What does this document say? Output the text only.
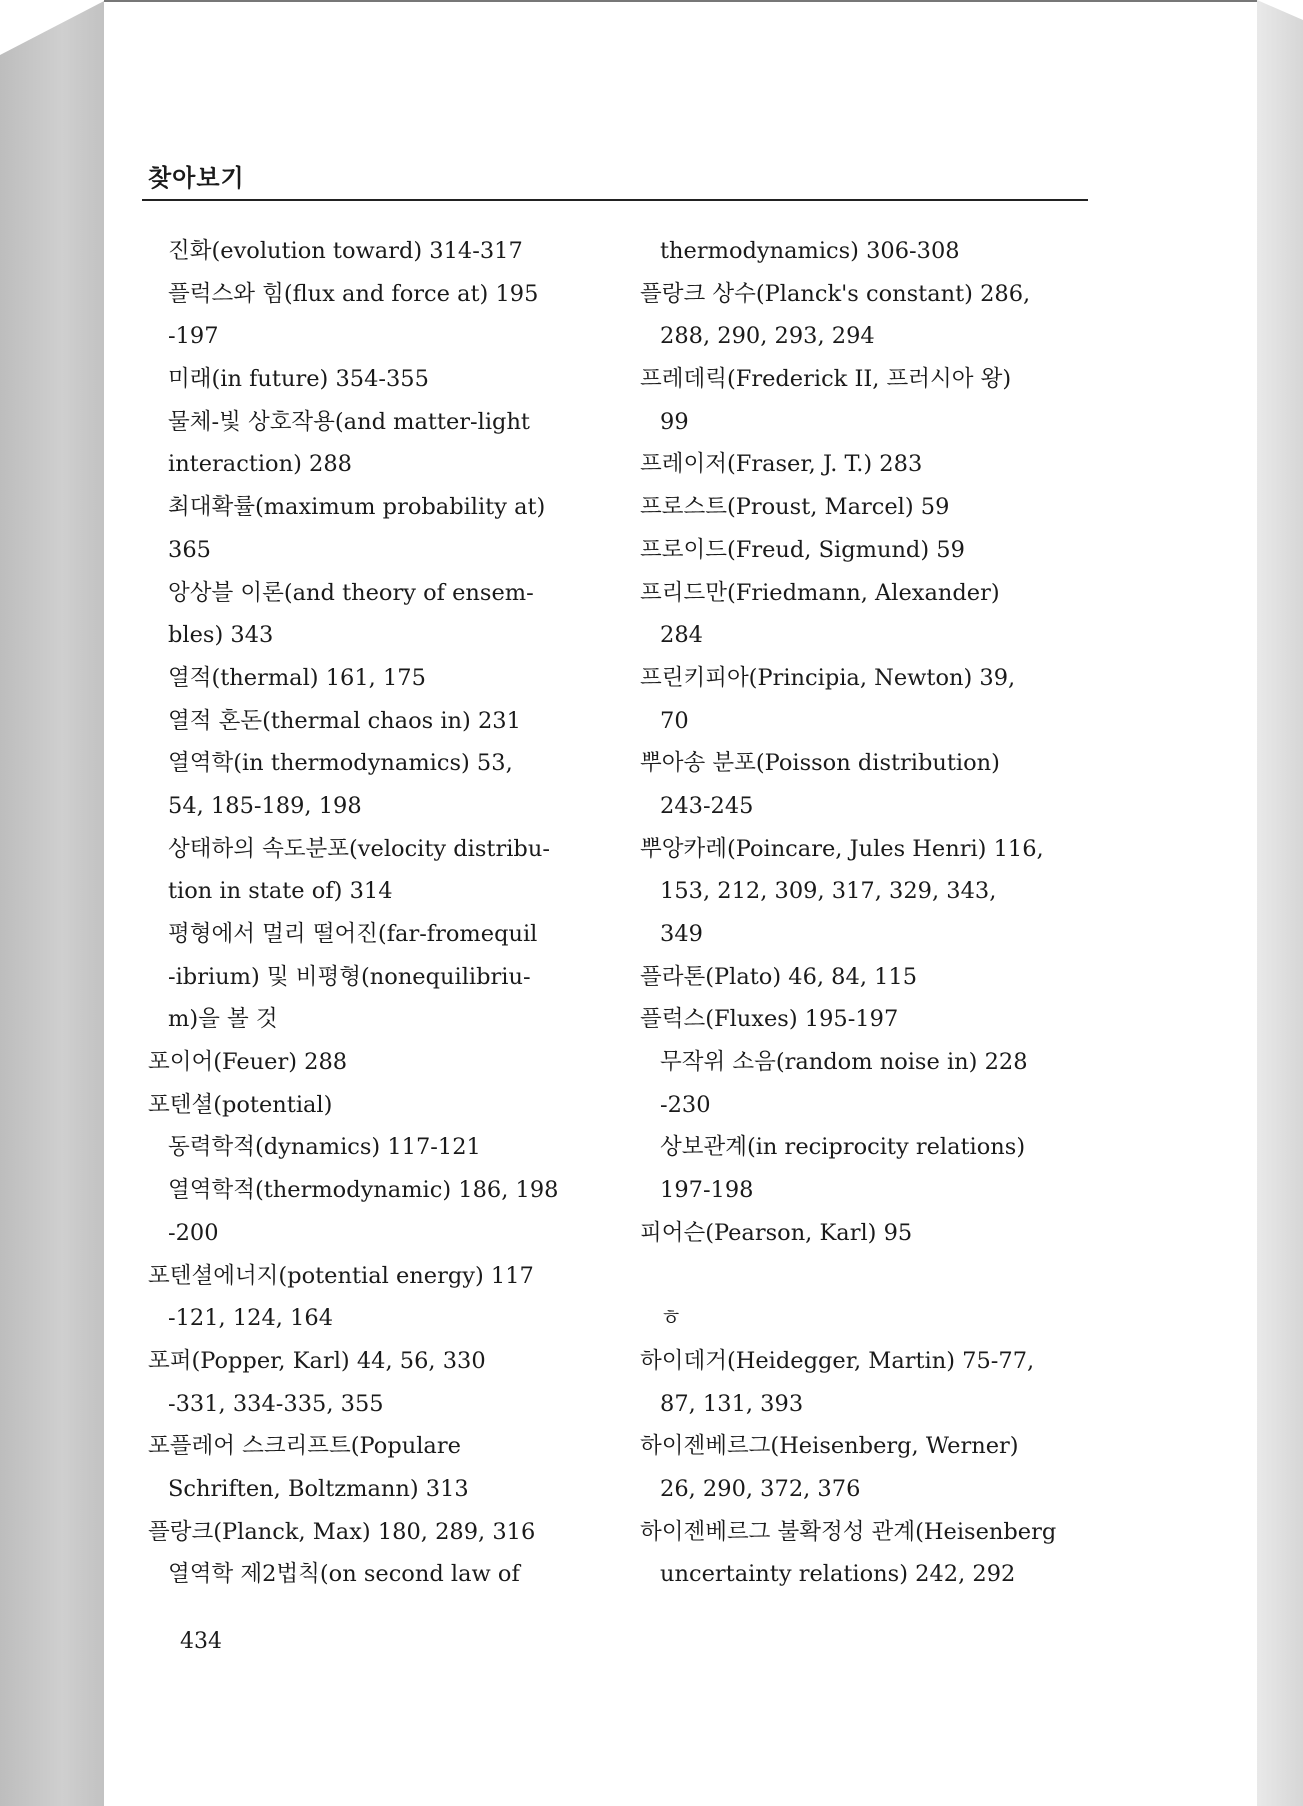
찾아보기
진화(evolution toward) 314-317
플럭스와 힘(flux and force at) 195
-197
미래(in future) 354-355
물체-빛 상호작용(and matter-light
interaction) 288
최대확률(maximum probability at)
365
앙상블 이론(and theory of ensem-
bles) 343
열적(thermal) 161, 175
열적 혼돈(thermal chaos in) 231
열역학(in thermodynamics) 53,
54, 185-189, 198
상태하의 속도분포(velocity distribu-
tion in state of) 314
평형에서 멀리 떨어진(far-fromequil
-ibrium) 및 비평형(nonequilibriu-
m)을 볼 것
포이어(Feuer) 288
포텐셜(potential)
동력학적(dynamics) 117-121
열역학적(thermodynamic) 186, 198
-200
포텐셜에너지(potential energy) 117
-121, 124, 164
포퍼(Popper, Karl) 44, 56, 330
-331, 334-335, 355
포플레어 스크리프트(Populare
Schriften, Boltzmann) 313
플랑크(Planck, Max) 180, 289, 316
열역학 제2법칙(on second law of
thermodynamics) 306-308
플랑크 상수(Planck's constant) 286,
288, 290, 293, 294
프레데릭(Frederick II, 프러시아 왕)
99
프레이저(Fraser, J. T.) 283
프로스트(Proust, Marcel) 59
프로이드(Freud, Sigmund) 59
프리드만(Friedmann, Alexander)
284
프린키피아(Principia, Newton) 39,
70
뿌아송 분포(Poisson distribution)
243-245
뿌앙카레(Poincare, Jules Henri) 116,
153, 212, 309, 317, 329, 343,
349
플라톤(Plato) 46, 84, 115
플럭스(Fluxes) 195-197
무작위 소음(random noise in) 228
-230
상보관계(in reciprocity relations)
197-198
피어슨(Pearson, Karl) 95
ㅎ
하이데거(Heidegger, Martin) 75-77,
87, 131, 393
하이젠베르그(Heisenberg, Werner)
26, 290, 372, 376
하이젠베르그 불확정성 관계(Heisenberg
uncertainty relations) 242, 292
434
